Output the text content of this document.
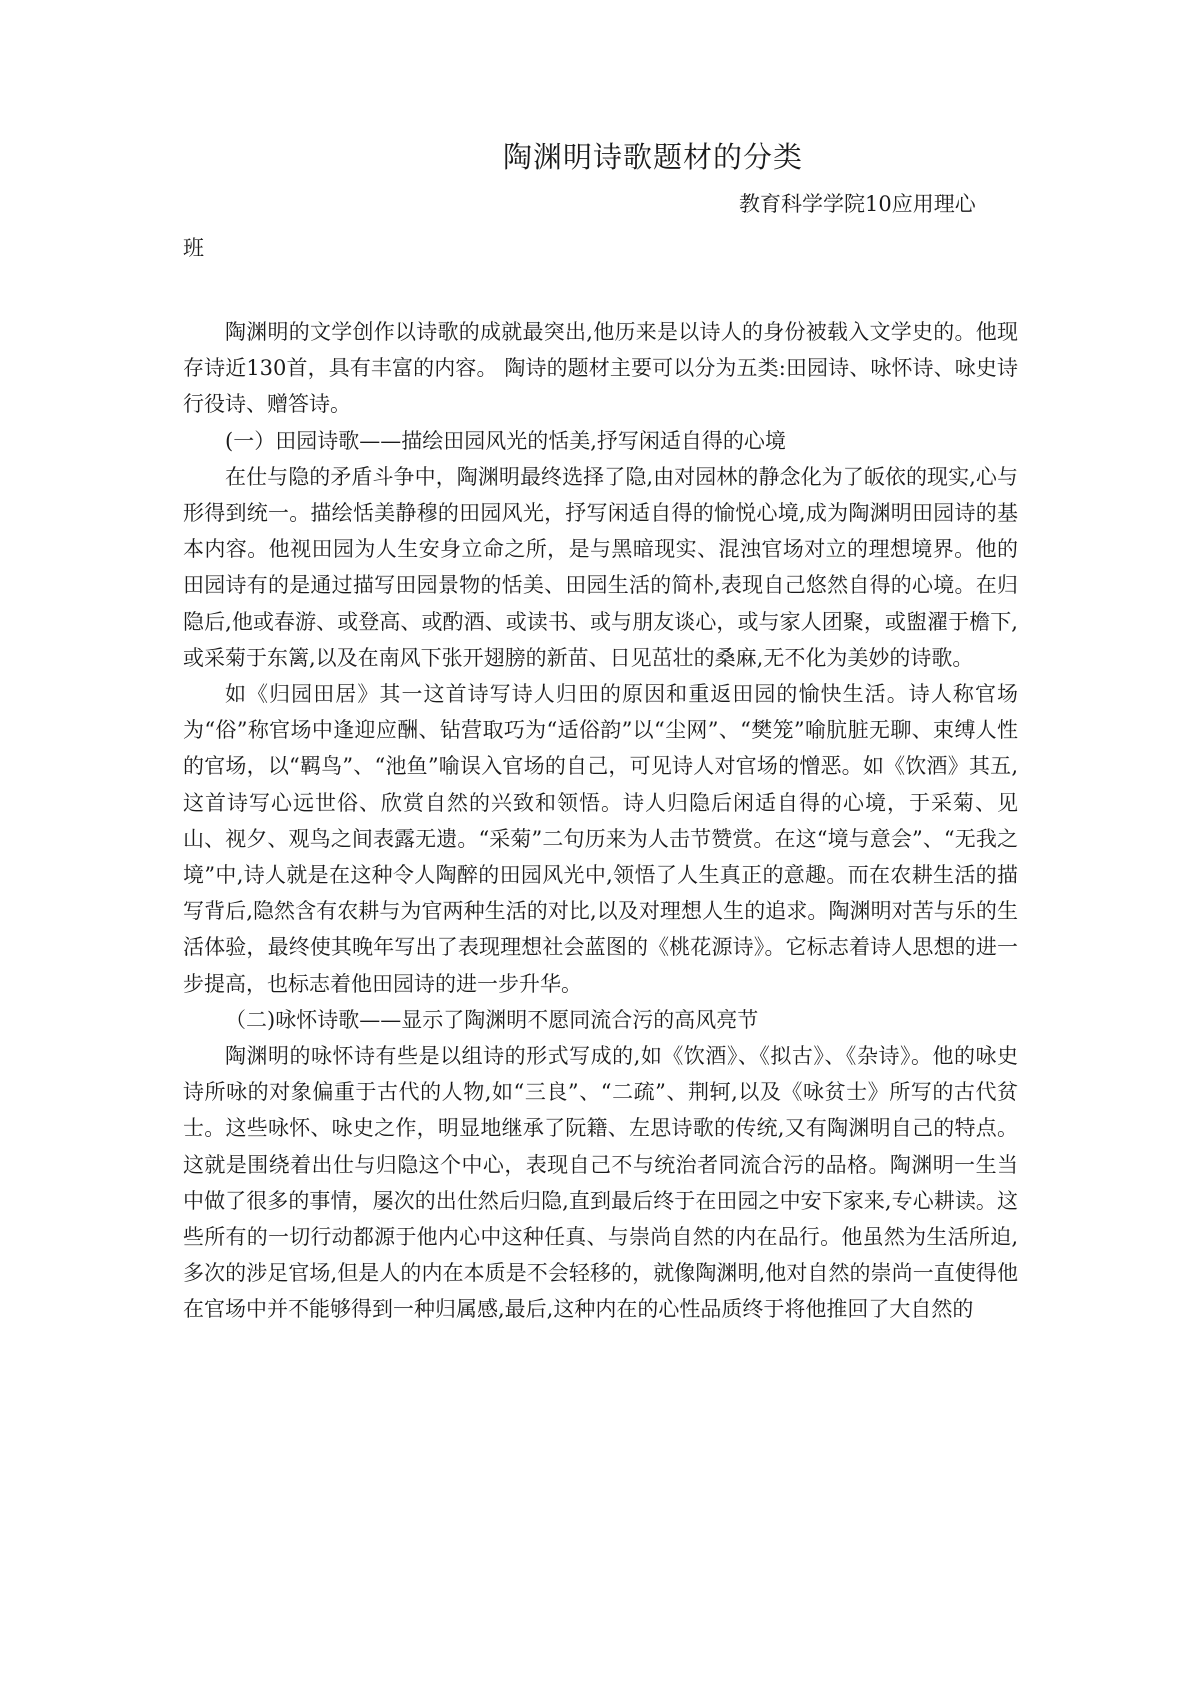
陶渊明诗歌题材的分类
教育科学学院10应用理心
班

陶渊明的文学创作以诗歌的成就最突出,他历来是以诗人的身份被载入文学史的。他现存诗近130首，具有丰富的内容。 陶诗的题材主要可以分为五类:田园诗、咏怀诗、咏史诗行役诗、赠答诗。

(一）田园诗歌——描绘田园风光的恬美,抒写闲适自得的心境

在仕与隐的矛盾斗争中，陶渊明最终选择了隐,由对园林的静念化为了皈依的现实,心与形得到统一。描绘恬美静穆的田园风光，抒写闲适自得的愉悦心境,成为陶渊明田园诗的基本内容。他视田园为人生安身立命之所，是与黑暗现实、混浊官场对立的理想境界。他的田园诗有的是通过描写田园景物的恬美、田园生活的简朴,表现自己悠然自得的心境。在归隐后,他或春游、或登高、或酌酒、或读书、或与朋友谈心，或与家人团聚，或盥濯于檐下,或采菊于东篱,以及在南风下张开翅膀的新苗、日见茁壮的桑麻,无不化为美妙的诗歌。

如《归园田居》其一这首诗写诗人归田的原因和重返田园的愉快生活。诗人称官场为“俗”称官场中逢迎应酬、钻营取巧为“适俗韵”以“尘网”、“樊笼”喻肮脏无聊、束缚人性的官场，以“羁鸟”、“池鱼”喻误入官场的自己，可见诗人对官场的憎恶。如《饮酒》其五,这首诗写心远世俗、欣赏自然的兴致和领悟。诗人归隐后闲适自得的心境，于采菊、见山、视夕、观鸟之间表露无遗。“采菊”二句历来为人击节赞赏。在这“境与意会”、“无我之境”中,诗人就是在这种令人陶醉的田园风光中,领悟了人生真正的意趣。而在农耕生活的描写背后,隐然含有农耕与为官两种生活的对比,以及对理想人生的追求。陶渊明对苦与乐的生活体验，最终使其晚年写出了表现理想社会蓝图的《桃花源诗》。它标志着诗人思想的进一步提高，也标志着他田园诗的进一步升华。

（二)咏怀诗歌——显示了陶渊明不愿同流合污的高风亮节

陶渊明的咏怀诗有些是以组诗的形式写成的,如《饮酒》、《拟古》、《杂诗》。他的咏史诗所咏的对象偏重于古代的人物,如“三良”、“二疏”、荆轲,以及《咏贫士》所写的古代贫士。这些咏怀、咏史之作，明显地继承了阮籍、左思诗歌的传统,又有陶渊明自己的特点。这就是围绕着出仕与归隐这个中心，表现自己不与统治者同流合污的品格。陶渊明一生当中做了很多的事情，屡次的出仕然后归隐,直到最后终于在田园之中安下家来,专心耕读。这些所有的一切行动都源于他内心中这种任真、与崇尚自然的内在品行。他虽然为生活所迫,多次的涉足官场,但是人的内在本质是不会轻移的，就像陶渊明,他对自然的崇尚一直使得他在官场中并不能够得到一种归属感,最后,这种内在的心性品质终于将他推回了大自然的
